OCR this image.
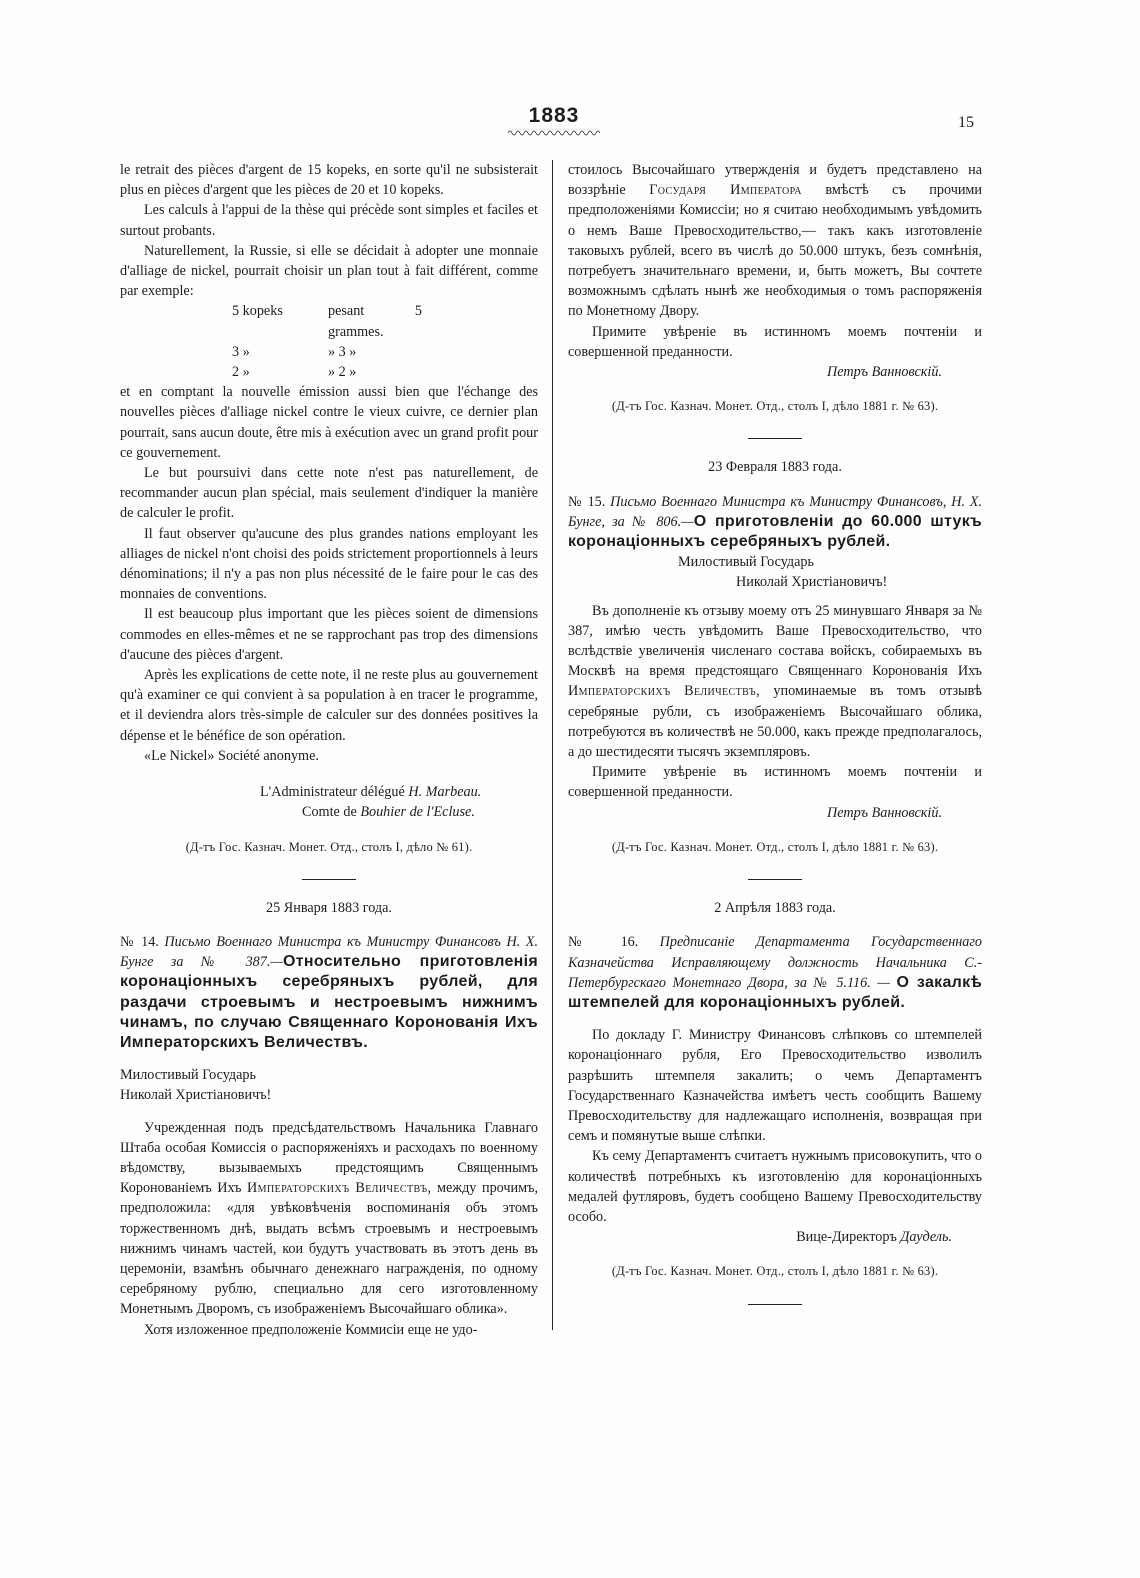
1883	15

le retrait des pièces d'argent de 15 kopeks, en sorte qu'il ne subsisterait plus en pièces d'argent que les pièces de 20 et 10 kopeks.

Les calculs à l'appui de la thèse qui précède sont simples et faciles et surtout probants.

Naturellement, la Russie, si elle se décidait à adopter une monnaie d'alliage de nickel, pourrait choisir un plan tout à fait différent, comme par exemple:

5 kopeks	pesant 5 grammes.
3 »	» 3 »
2 »	» 2 »

et en comptant la nouvelle émission aussi bien que l'échange des nouvelles pièces d'alliage nickel contre le vieux cuivre, ce dernier plan pourrait, sans aucun doute, être mis à exécution avec un grand profit pour ce gouvernement.

Le but poursuivi dans cette note n'est pas naturellement, de recommander aucun plan spécial, mais seulement d'indiquer la manière de calculer le profit.

Il faut observer qu'aucune des plus grandes nations employant les alliages de nickel n'ont choisi des poids strictement proportionnels à leurs dénominations; il n'y a pas non plus nécessité de le faire pour le cas des monnaies de conventions.

Il est beaucoup plus important que les pièces soient de dimensions commodes en elles-mêmes et ne se rapprochant pas trop des dimensions d'aucune des pièces d'argent.

Après les explications de cette note, il ne reste plus au gouvernement qu'à examiner ce qui convient à sa population à en tracer le programme, et il deviendra alors très-simple de calculer sur des données positives la dépense et le bénéfice de son opération.

«Le Nickel» Société anonyme.

L'Administrateur délégué H. Marbeau.

Comte de Bouhier de l'Ecluse.

(Д-тъ Гос. Казнач. Монет. Отд., столъ I, дѣло № 61).

25 Января 1883 года.

№ 14. Письмо Военнаго Министра къ Министру Финансовъ Н. Х. Бунге за № 387.—Относительно приготовленія коронаціонныхъ серебряныхъ рублей, для раздачи строевымъ и нестроевымъ нижнимъ чинамъ, по случаю Священнаго Коронованія Ихъ Императорскихъ Величествъ.

Милостивый Государь

Николай Христіановичъ!

Учрежденная подъ предсѣдательствомъ Начальника Главнаго Штаба особая Комиссія о распоряженіяхъ и расходахъ по военному вѣдомству, вызываемыхъ предстоящимъ Священнымъ Коронованіемъ Ихъ Императорскихъ Величествъ, между прочимъ, предположила: «для увѣковѣченія воспоминанія объ этомъ торжественномъ днѣ, выдать всѣмъ строевымъ и нестроевымъ нижнимъ чинамъ частей, кои будутъ участвовать въ этотъ день въ церемоніи, взамѣнъ обычнаго денежнаго награжденія, по одному серебряному рублю, специально для сего изготовленному Монетнымъ Дворомъ, съ изображеніемъ Высочайшаго облика».

Хотя изложенное предположеніе Коммисіи еще не удо-

стоилось Высочайшаго утвержденія и будетъ представлено на воззрѣніе Государя Императора вмѣстѣ съ прочими предположеніями Комиссіи; но я считаю необходимымъ увѣдомить о немъ Ваше Превосходительство,— такъ какъ изготовленіе таковыхъ рублей, всего въ числѣ до 50.000 штукъ, безъ сомнѣнія, потребуетъ значительнаго времени, и, быть можетъ, Вы сочтете возможнымъ сдѣлать нынѣ же необходимыя о томъ распоряженія по Монетному Двору.

Примите увѣреніе въ истинномъ моемъ почтеніи и совершенной преданности.

Петръ Ванновскій.

(Д-тъ Гос. Казнач. Монет. Отд., столъ I, дѣло 1881 г. № 63).

23 Февраля 1883 года.

№ 15. Письмо Военнаго Министра къ Министру Финансовъ, Н. Х. Бунге, за № 806.—О приготовленіи до 60.000 штукъ коронаціонныхъ серебряныхъ рублей.

Милостивый Государь

Николай Христіановичъ!

Въ дополненіе къ отзыву моему отъ 25 минувшаго Января за № 387, имѣю честь увѣдомить Ваше Превосходительство, что вслѣдствіе увеличенія численаго состава войскъ, собираемыхъ въ Москвѣ на время предстоящаго Священнаго Коронованія Ихъ Императорскихъ Величествъ, упоминаемые въ томъ отзывѣ серебряные рубли, съ изображеніемъ Высочайшаго облика, потребуются въ количествѣ не 50.000, какъ прежде предполагалось, а до шестидесяти тысячъ экземпляровъ.

Примите увѣреніе въ истинномъ моемъ почтеніи и совершенной преданности.

Петръ Ванновскій.

(Д-тъ Гос. Казнач. Монет. Отд., столъ I, дѣло 1881 г. № 63).

2 Апрѣля 1883 года.

№ 16. Предписаніе Департамента Государственнаго Казначейства Исправляющему должность Начальника С.-Петербургскаго Монетнаго Двора, за № 5.116. — О закалкѣ штемпелей для коронаціонныхъ рублей.

По докладу Г. Министру Финансовъ слѣпковъ со штемпелей коронаціоннаго рубля, Его Превосходительство изволилъ разрѣшить штемпеля закалить; о чемъ Департаментъ Государственнаго Казначейства имѣетъ честь сообщить Вашему Превосходительству для надлежащаго исполненія, возвращая при семъ и помянутые выше слѣпки.

Къ сему Департаментъ считаетъ нужнымъ присовокупить, что о количествѣ потребныхъ къ изготовленію для коронаціонныхъ медалей футляровъ, будетъ сообщено Вашему Превосходительству особо.

Вице-Директоръ Даудель.

(Д-тъ Гос. Казнач. Монет. Отд., столъ I, дѣло 1881 г. № 63).
